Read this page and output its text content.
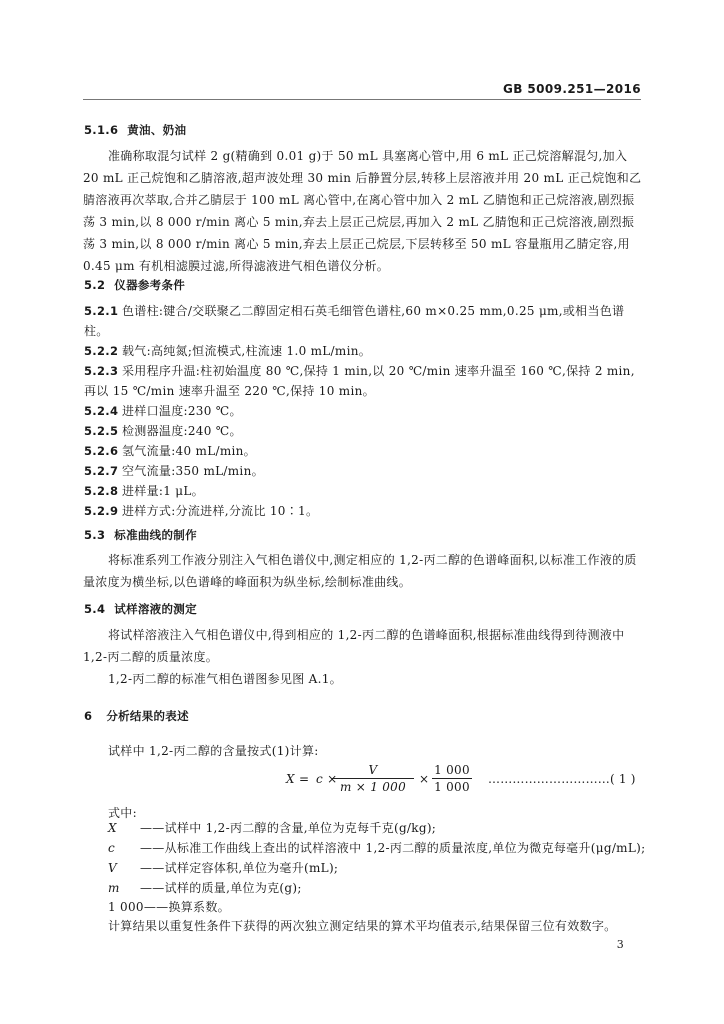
GB 5009.251—2016
5.1.6 黄油、奶油
准确称取混匀试样 2 g(精确到 0.01 g)于 50 mL 具塞离心管中,用 6 mL 正己烷溶解混匀,加入 20 mL 正己烷饱和乙腈溶液,超声波处理 30 min 后静置分层,转移上层溶液并用 20 mL 正己烷饱和乙腈溶液再次萃取,合并乙腈层于 100 mL 离心管中,在离心管中加入 2 mL 乙腈饱和正己烷溶液,剧烈振荡 3 min,以 8 000 r/min 离心 5 min,弃去上层正己烷层,再加入 2 mL 乙腈饱和正己烷溶液,剧烈振荡 3 min,以 8 000 r/min 离心 5 min,弃去上层正己烷层,下层转移至 50 mL 容量瓶用乙腈定容,用 0.45 μm 有机相滤膜过滤,所得滤液进气相色谱仪分析。
5.2 仪器参考条件
5.2.1 色谱柱:键合/交联聚乙二醇固定相石英毛细管色谱柱,60 m×0.25 mm,0.25 μm,或相当色谱柱。
5.2.2 载气:高纯氮;恒流模式,柱流速 1.0 mL/min。
5.2.3 采用程序升温:柱初始温度 80 ℃,保持 1 min,以 20 ℃/min 速率升温至 160 ℃,保持 2 min,再以 15 ℃/min 速率升温至 220 ℃,保持 10 min。
5.2.4 进样口温度:230 ℃。
5.2.5 检测器温度:240 ℃。
5.2.6 氢气流量:40 mL/min。
5.2.7 空气流量:350 mL/min。
5.2.8 进样量:1 μL。
5.2.9 进样方式:分流进样,分流比 10∶1。
5.3 标准曲线的制作
将标准系列工作液分别注入气相色谱仪中,测定相应的 1,2-丙二醇的色谱峰面积,以标准工作液的质量浓度为横坐标,以色谱峰的峰面积为纵坐标,绘制标准曲线。
5.4 试样溶液的测定
将试样溶液注入气相色谱仪中,得到相应的 1,2-丙二醇的色谱峰面积,根据标准曲线得到待测液中 1,2-丙二醇的质量浓度。
1,2-丙二醇的标准气相色谱图参见图 A.1。
6 分析结果的表述
试样中 1,2-丙二醇的含量按式(1)计算:
X = c ×
V
m × 1 000
×
1 000
1 000
…………………………( 1 )
式中:
X ——试样中 1,2-丙二醇的含量,单位为克每千克(g/kg);
c ——从标准工作曲线上查出的试样溶液中 1,2-丙二醇的质量浓度,单位为微克每毫升(μg/mL);
V ——试样定容体积,单位为毫升(mL);
m ——试样的质量,单位为克(g);
1 000——换算系数。
计算结果以重复性条件下获得的两次独立测定结果的算术平均值表示,结果保留三位有效数字。
3
